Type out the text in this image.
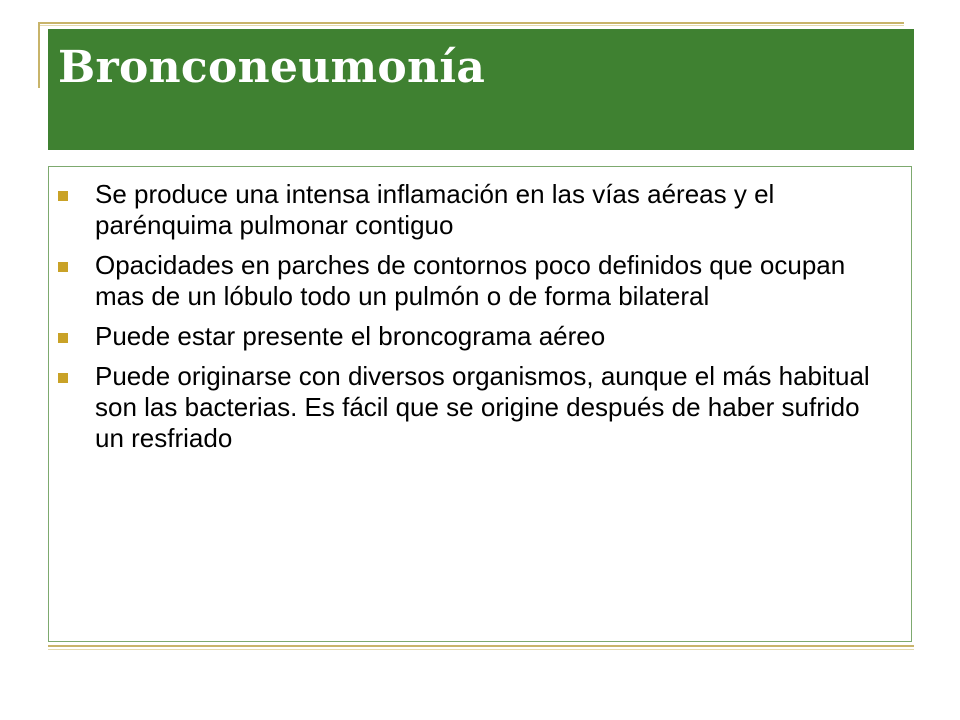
Bronconeumonía
Se produce una intensa inflamación en las vías aéreas y el parénquima pulmonar contiguo
Opacidades en parches de contornos poco definidos que ocupan mas de un lóbulo todo un pulmón o de forma bilateral
Puede estar presente el broncograma aéreo
Puede originarse con diversos organismos, aunque el más habitual son las bacterias. Es fácil que se origine después de haber sufrido un resfriado
